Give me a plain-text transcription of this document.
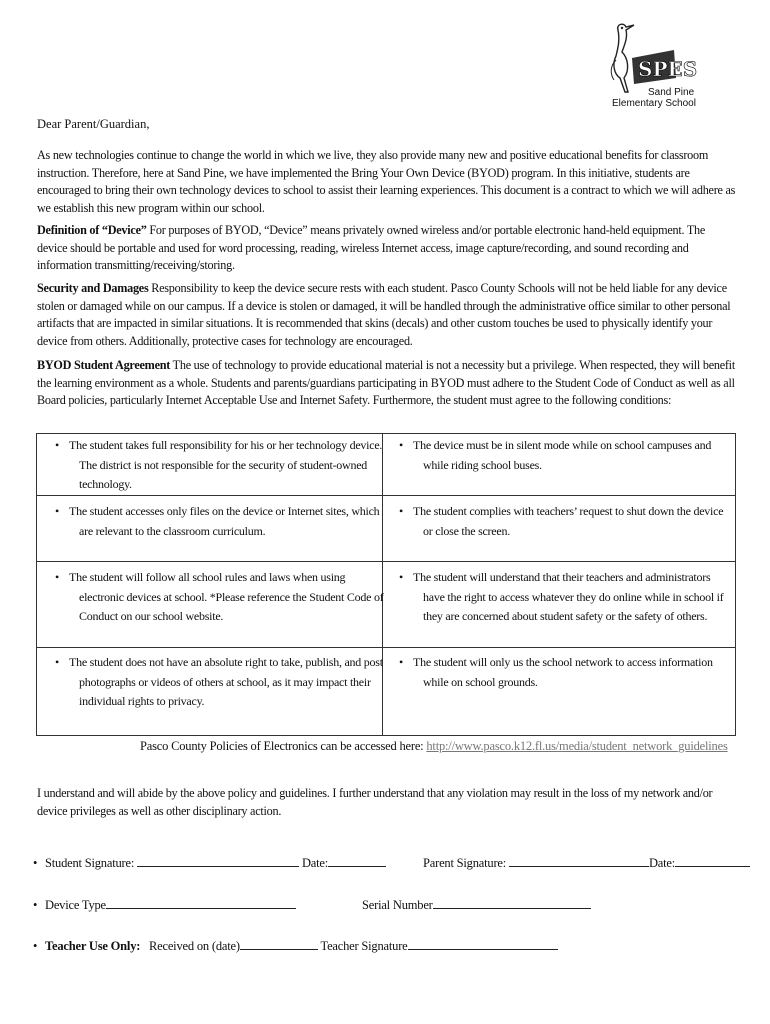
SPES
Sand Pine
Elementary School
Dear Parent/Guardian,

As new technologies continue to change the world in which we live, they also provide many new and positive educational benefits for classroom instruction. Therefore, here at Sand Pine, we have implemented the Bring Your Own Device (BYOD) program. In this initiative, students are encouraged to bring their own technology devices to school to assist their learning experiences. This document is a contract to which we will adhere as we establish this new program within our school.

Definition of “Device” For purposes of BYOD, “Device” means privately owned wireless and/or portable electronic hand-held equipment. The device should be portable and used for word processing, reading, wireless Internet access, image capture/recording, and sound recording and information transmitting/receiving/storing.

Security and Damages Responsibility to keep the device secure rests with each student. Pasco County Schools will not be held liable for any device stolen or damaged while on our campus. If a device is stolen or damaged, it will be handled through the administrative office similar to other personal artifacts that are impacted in similar situations. It is recommended that skins (decals) and other custom touches be used to physically identify your device from others. Additionally, protective cases for technology are encouraged.

BYOD Student Agreement The use of technology to provide educational material is not a necessity but a privilege. When respected, they will benefit the learning environment as a whole. Students and parents/guardians participating in BYOD must adhere to the Student Code of Conduct as well as all Board policies, particularly Internet Acceptable Use and Internet Safety. Furthermore, the student must agree to the following conditions:

• The student takes full responsibility for his or her technology device. The district is not responsible for the security of student-owned technology.
• The device must be in silent mode while on school campuses and while riding school buses.
• The student accesses only files on the device or Internet sites, which are relevant to the classroom curriculum.
• The student complies with teachers’ request to shut down the device or close the screen.
• The student will follow all school rules and laws when using electronic devices at school. *Please reference the Student Code of Conduct on our school website.
• The student will understand that their teachers and administrators have the right to access whatever they do online while in school if they are concerned about student safety or the safety of others.
• The student does not have an absolute right to take, publish, and post photographs or videos of others at school, as it may impact their individual rights to privacy.
• The student will only us the school network to access information while on school grounds.
Pasco County Policies of Electronics can be accessed here: http://www.pasco.k12.fl.us/media/student_network_guidelines

I understand and will abide by the above policy and guidelines. I further understand that any violation may result in the loss of my network and/or device privileges as well as other disciplinary action.

• Student Signature:	Date:	Parent Signature:	Date:
• Device Type	Serial Number
• Teacher Use Only: Received on (date)	Teacher Signature
